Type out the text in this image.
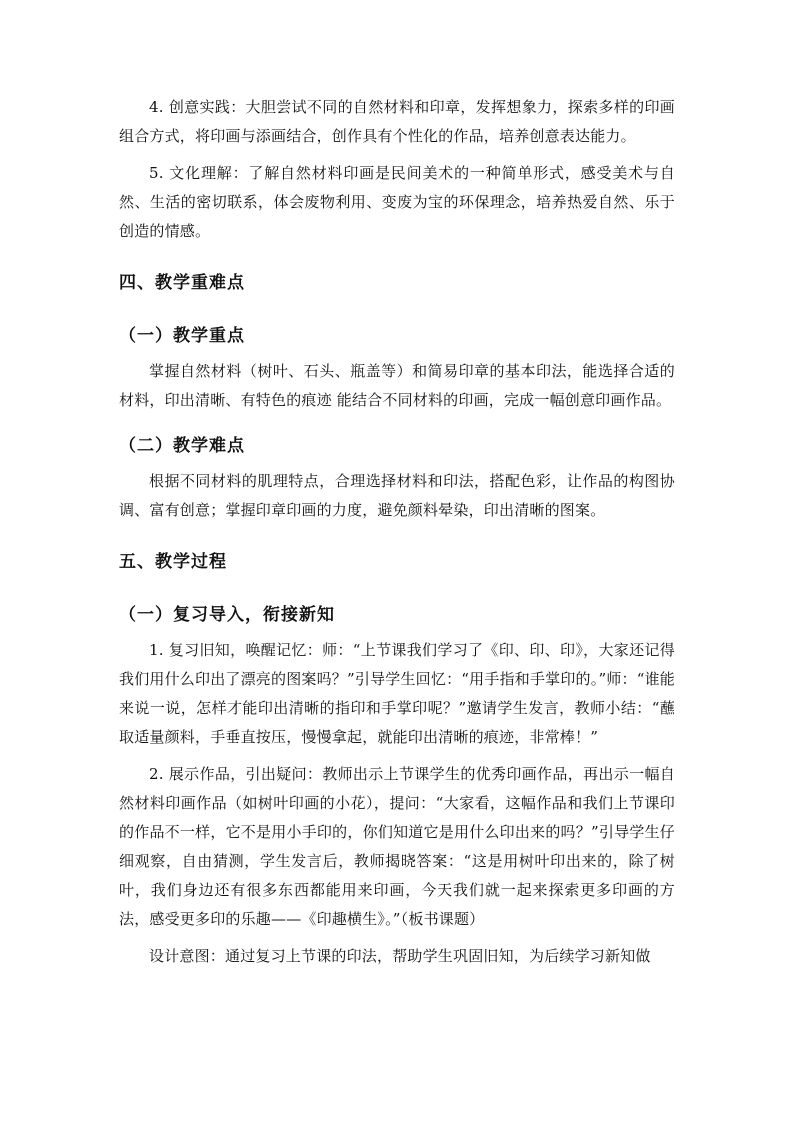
4. 创意实践：大胆尝试不同的自然材料和印章，发挥想象力，探索多样的印画组合方式，将印画与添画结合，创作具有个性化的作品，培养创意表达能力。

5. 文化理解：了解自然材料印画是民间美术的一种简单形式，感受美术与自然、生活的密切联系，体会废物利用、变废为宝的环保理念，培养热爱自然、乐于创造的情感。

四、教学重难点
（一）教学重点

掌握自然材料（树叶、石头、瓶盖等）和简易印章的基本印法，能选择合适的材料，印出清晰、有特色的痕迹 能结合不同材料的印画，完成一幅创意印画作品。

（二）教学难点

根据不同材料的肌理特点，合理选择材料和印法，搭配色彩，让作品的构图协调、富有创意；掌握印章印画的力度，避免颜料晕染，印出清晰的图案。

五、教学过程
（一）复习导入，衔接新知

1. 复习旧知，唤醒记忆：师：“上节课我们学习了《印、印、印》，大家还记得我们用什么印出了漂亮的图案吗？”引导学生回忆：“用手指和手掌印的。”师：“谁能来说一说，怎样才能印出清晰的指印和手掌印呢？”邀请学生发言，教师小结：“蘸取适量颜料，手垂直按压，慢慢拿起，就能印出清晰的痕迹，非常棒！”

2. 展示作品，引出疑问：教师出示上节课学生的优秀印画作品，再出示一幅自然材料印画作品（如树叶印画的小花），提问：“大家看，这幅作品和我们上节课印的作品不一样，它不是用小手印的，你们知道它是用什么印出来的吗？”引导学生仔细观察，自由猜测，学生发言后，教师揭晓答案：“这是用树叶印出来的，除了树叶，我们身边还有很多东西都能用来印画，今天我们就一起来探索更多印画的方法，感受更多印的乐趣——《印趣横生》。”（板书课题）

设计意图：通过复习上节课的印法，帮助学生巩固旧知，为后续学习新知做
